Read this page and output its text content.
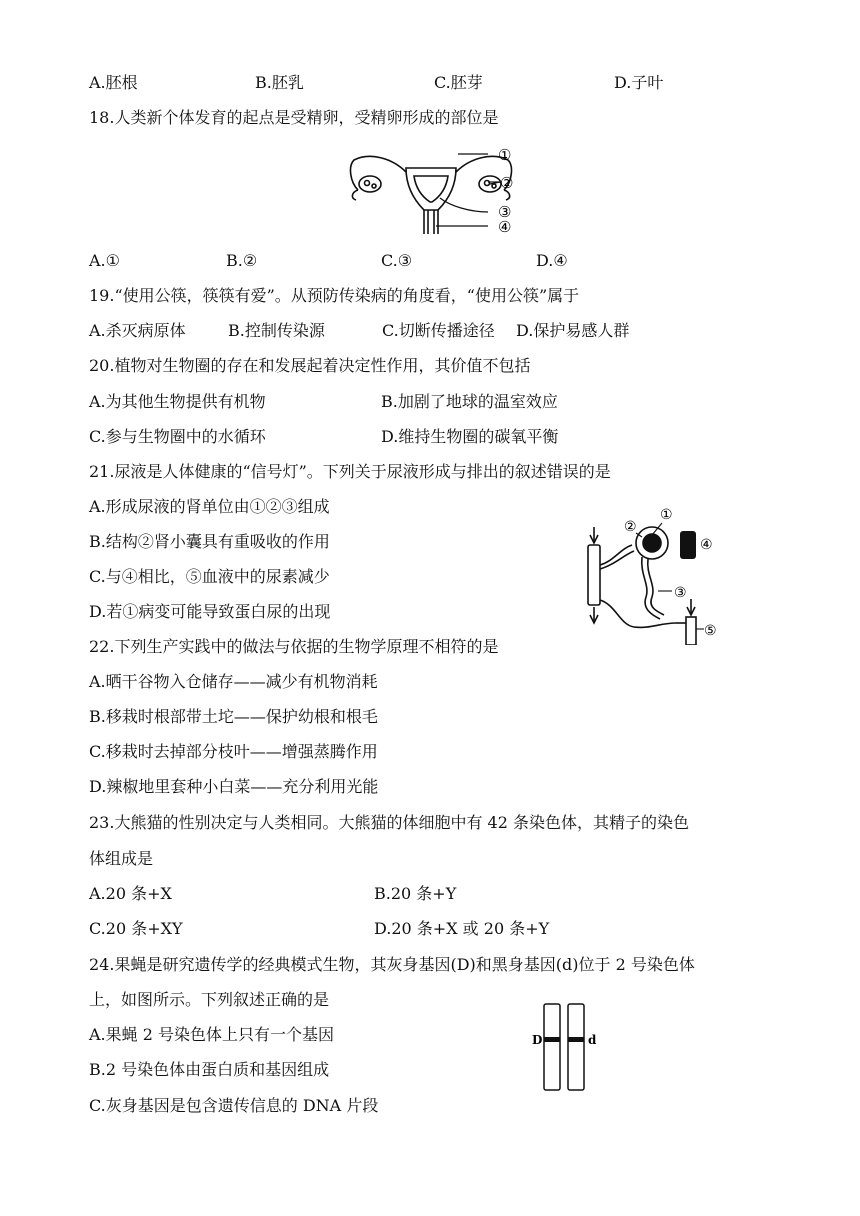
A.胚根	B.胚乳	C.胚芽	D.子叶
18.人类新个体发育的起点是受精卵，受精卵形成的部位是
①
②
③
④
A.①	B.②	C.③	D.④
19.“使用公筷，筷筷有爱”。从预防传染病的角度看，“使用公筷”属于
A.杀灭病原体	B.控制传染源	C.切断传播途径 D.保护易感人群
20.植物对生物圈的存在和发展起着决定性作用，其价值不包括
A.为其他生物提供有机物	B.加剧了地球的温室效应
C.参与生物圈中的水循环	D.维持生物圈的碳氧平衡
21.尿液是人体健康的“信号灯”。下列关于尿液形成与排出的叙述错误的是
A.形成尿液的肾单位由①②③组成
B.结构②肾小囊具有重吸收的作用
C.与④相比，⑤血液中的尿素减少
D.若①病变可能导致蛋白尿的出现
①
②
③
④
⑤
22.下列生产实践中的做法与依据的生物学原理不相符的是
A.晒干谷物入仓储存——减少有机物消耗
B.移栽时根部带土坨——保护幼根和根毛
C.移栽时去掉部分枝叶——增强蒸腾作用
D.辣椒地里套种小白菜——充分利用光能
23.大熊猫的性别决定与人类相同。大熊猫的体细胞中有 42 条染色体，其精子的染色
体组成是
A.20 条+X	B.20 条+Y
C.20 条+XY	D.20 条+X 或 20 条+Y
24.果蝇是研究遗传学的经典模式生物，其灰身基因(D)和黑身基因(d)位于 2 号染色体
上，如图所示。下列叙述正确的是
A.果蝇 2 号染色体上只有一个基因
B.2 号染色体由蛋白质和基因组成
C.灰身基因是包含遗传信息的 DNA 片段
D	d
